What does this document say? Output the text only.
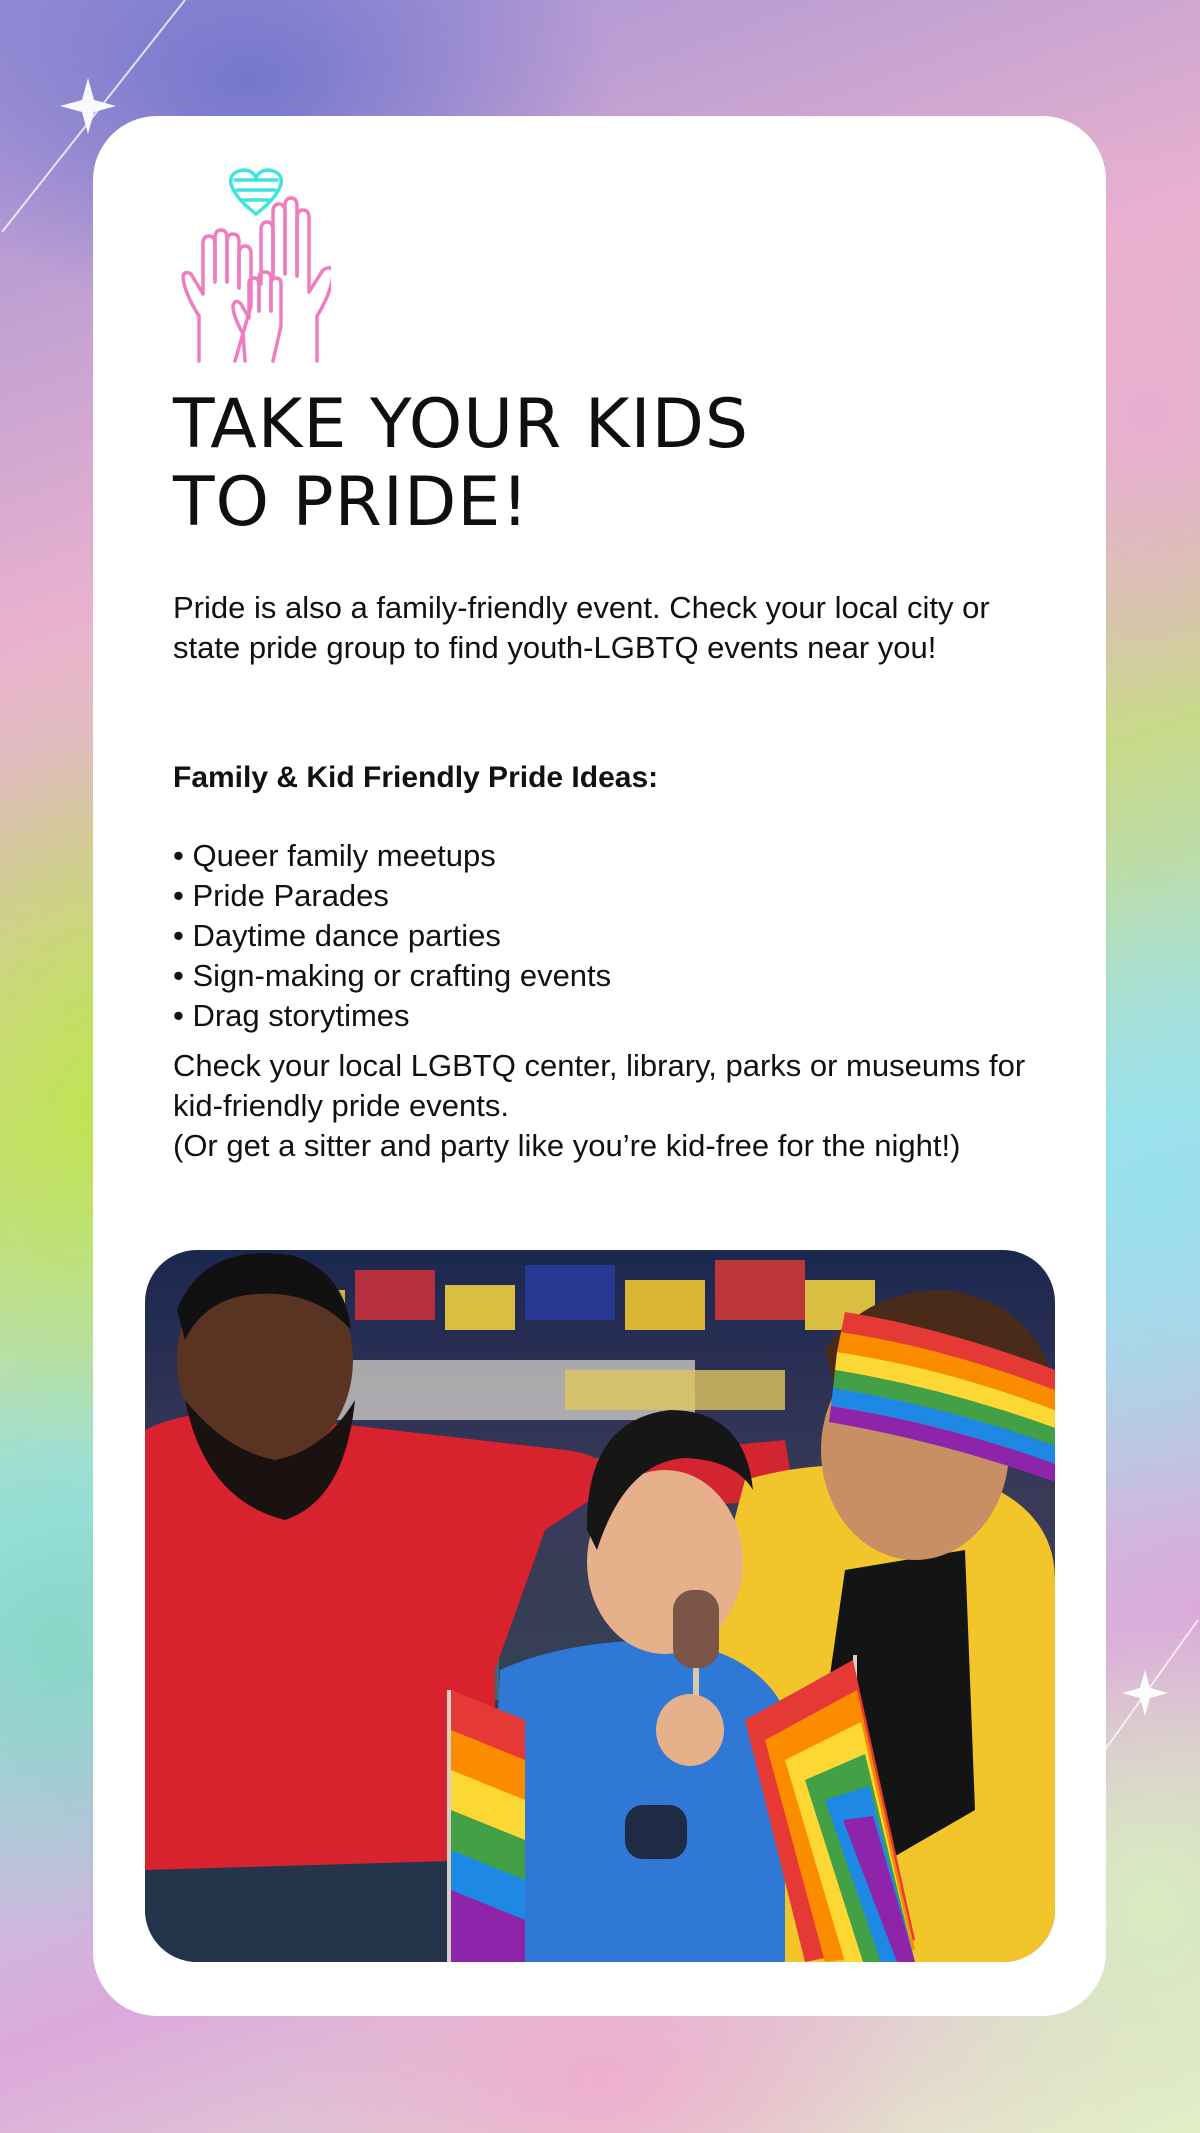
TAKE YOUR KIDS
TO PRIDE!

Pride is also a family-friendly event. Check your local city or state pride group to find youth-LGBTQ events near you!

Family & Kid Friendly Pride Ideas:

• Queer family meetups
• Pride Parades
• Daytime dance parties
• Sign-making or crafting events
• Drag storytimes
Check your local LGBTQ center, library, parks or museums for kid-friendly pride events.
(Or get a sitter and party like you’re kid-free for the night!)
